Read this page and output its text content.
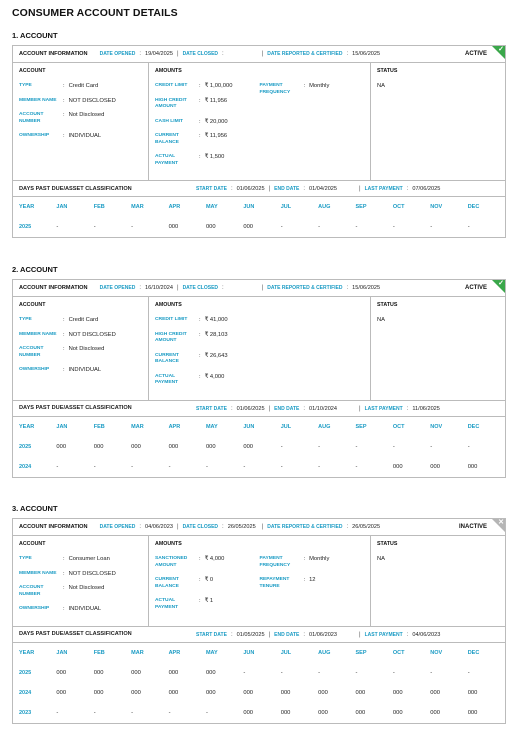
CONSUMER ACCOUNT DETAILS
1. ACCOUNT
ACCOUNT INFORMATION DATE OPENED : 19/04/2025 | DATE CLOSED :	| DATE REPORTED & CERTIFIED : 15/06/2025	ACTIVE
✓
ACCOUNT
TYPE	: Credit Card
MEMBER NAME	: NOT DISCLOSED
ACCOUNT NUMBER
: Not Disclosed
OWNERSHIP	: INDIVIDUAL
AMOUNTS
CREDIT LIMIT	: ₹ 1,00,000
HIGH CREDIT AMOUNT
: ₹ 11,956
CASH LIMIT	: ₹ 20,000
CURRENT BALANCE
: ₹ 11,956
ACTUAL PAYMENT
: ₹ 1,500
PAYMENT FREQUENCY
: Monthly
STATUS
NA
DAYS PAST DUE/ASSET CLASSIFICATION	START DATE : 01/06/2025 | END DATE : 01/04/2025	| LAST PAYMENT : 07/06/2025
YEAR	JAN	FEB	MAR	APR	MAY	JUN	JUL	AUG	SEP	OCT	NOV	DEC
2025	-	-	-	000	000	000	-	-	-	-	-	-
2. ACCOUNT
ACCOUNT INFORMATION DATE OPENED : 16/10/2024 | DATE CLOSED :	| DATE REPORTED & CERTIFIED : 15/06/2025	ACTIVE
✓
ACCOUNT
TYPE	: Credit Card
MEMBER NAME	: NOT DISCLOSED
ACCOUNT NUMBER
: Not Disclosed
OWNERSHIP	: INDIVIDUAL
AMOUNTS
CREDIT LIMIT	: ₹ 41,000
HIGH CREDIT AMOUNT
: ₹ 28,103
CURRENT BALANCE
: ₹ 26,643
ACTUAL PAYMENT
: ₹ 4,000
STATUS
NA
DAYS PAST DUE/ASSET CLASSIFICATION	START DATE : 01/06/2025 | END DATE : 01/10/2024	| LAST PAYMENT : 11/06/2025
YEAR	JAN	FEB	MAR	APR	MAY	JUN	JUL	AUG	SEP	OCT	NOV	DEC
2025	000	000	000	000	000	000	-	-	-	-	-	-
2024	-	-	-	-	-	-	-	-	-	000	000	000
3. ACCOUNT
ACCOUNT INFORMATION DATE OPENED : 04/06/2023 | DATE CLOSED : 26/05/2025	| DATE REPORTED & CERTIFIED : 26/05/2025	INACTIVE
✕
ACCOUNT
TYPE	: Consumer Loan
MEMBER NAME	: NOT DISCLOSED
ACCOUNT NUMBER
: Not Disclosed
OWNERSHIP	: INDIVIDUAL
AMOUNTS
SANCTIONED AMOUNT
: ₹ 4,000
CURRENT BALANCE
: ₹ 0
ACTUAL PAYMENT
: ₹ 1
PAYMENT FREQUENCY
: Monthly
REPAYMENT TENURE
: 12
STATUS
NA
DAYS PAST DUE/ASSET CLASSIFICATION	START DATE : 01/05/2025 | END DATE : 01/06/2023	| LAST PAYMENT : 04/06/2023
YEAR	JAN	FEB	MAR	APR	MAY	JUN	JUL	AUG	SEP	OCT	NOV	DEC
2025	000	000	000	000	000	-	-	-	-	-	-	-
2024	000	000	000	000	000	000	000	000	000	000	000	000
2023	-	-	-	-	-	000	000	000	000	000	000	000
